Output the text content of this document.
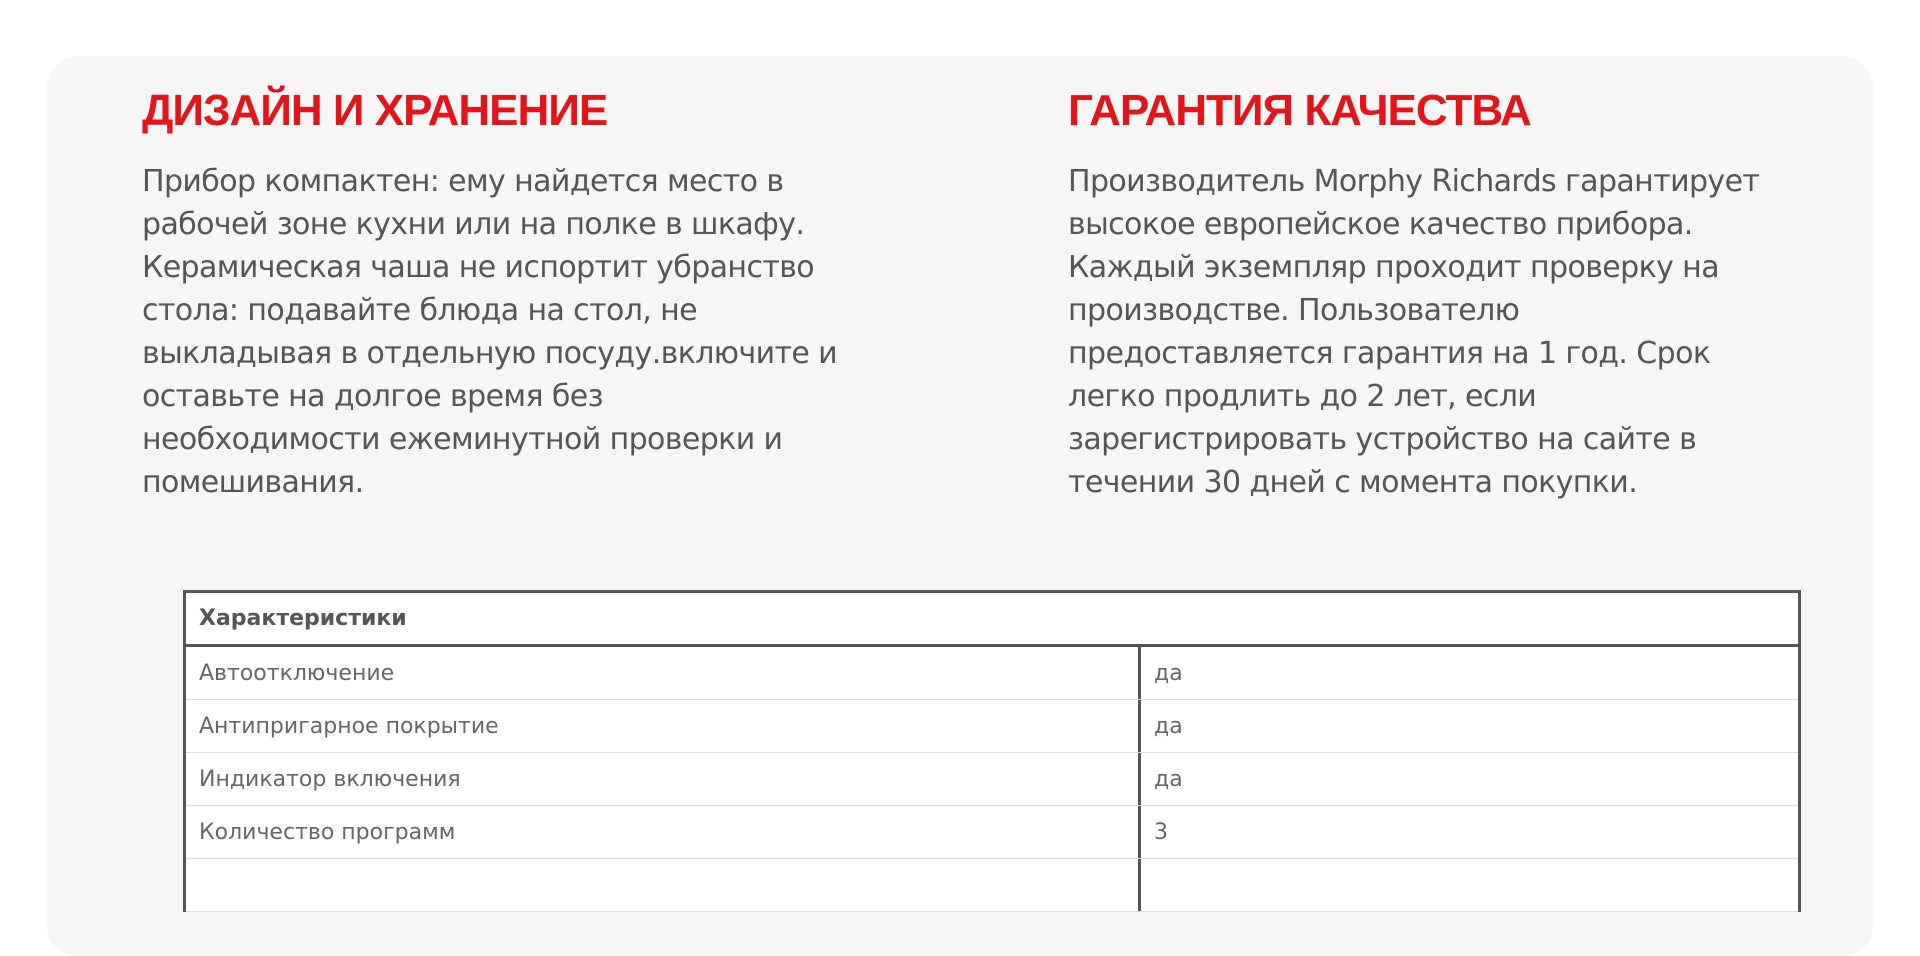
ДИЗАЙН И ХРАНЕНИЕ

Прибор компактен: ему найдется место в
рабочей зоне кухни или на полке в шкафу.
Керамическая чаша не испортит убранство
стола: подавайте блюда на стол, не
выкладывая в отдельную посуду.включите и
оставьте на долгое время без
необходимости ежеминутной проверки и
помешивания.

ГАРАНТИЯ КАЧЕСТВА

Производитель Morphy Richards гарантирует
высокое европейское качество прибора.
Каждый экземпляр проходит проверку на
производстве. Пользователю
предоставляется гарантия на 1 год. Срок
легко продлить до 2 лет, если
зарегистрировать устройство на сайте в
течении 30 дней с момента покупки.

Характеристики
Автоотключение	да
Антипригарное покрытие	да
Индикатор включения	да
Количество программ	3
